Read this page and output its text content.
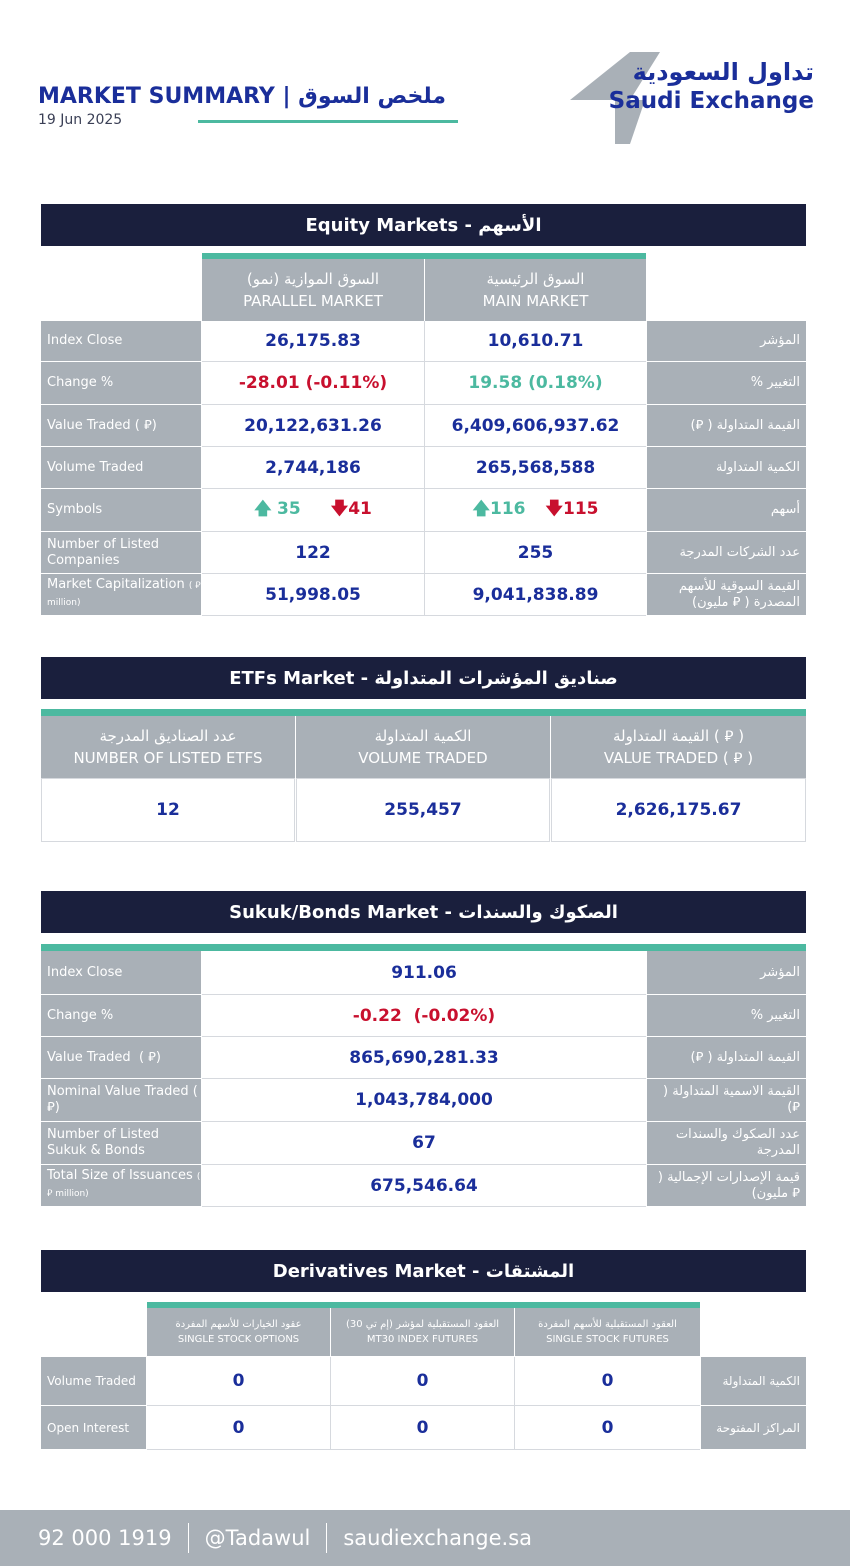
MARKET SUMMARY | ملخص السوق
19 Jun 2025
تداول السعودية
Saudi Exchange
Equity Markets - الأسهم
(نمو) السوق الموازية
PARALLEL MARKET
السوق الرئيسية
MAIN MARKET
Index Close	26,175.83	10,610.71	المؤشر
Change %	-28.01 (-0.11%)	19.58 (0.18%)	التغيير %
Value Traded ( ⃁)	20,122,631.26	6,409,606,937.62	القيمة المتداولة ( ⃁)
Volume Traded	2,744,186	265,568,588	الكمية المتداولة
Symbols	🡅 35 🡇41	🡅116 🡇115	أسهم
Number of Listed Companies	122	255	عدد الشركات المدرجة
Market Capitalization ( ⃁ million)	51,998.05	9,041,838.89	القيمة السوقية للأسهم المصدرة ( ⃁ مليون)
ETFs Market - صناديق المؤشرات المتداولة
عدد الصناديق المدرجة
NUMBER OF LISTED ETFS
الكمية المتداولة
VOLUME TRADED
القيمة المتداولة ( ⃁ )
VALUE TRADED ( ⃁ )
12	255,457	2,626,175.67
Sukuk/Bonds Market - الصكوك والسندات
Index Close	911.06	المؤشر
Change %	-0.22  (-0.02%)	التغيير %
Value Traded  ( ⃁)	865,690,281.33	القيمة المتداولة ( ⃁)
Nominal Value Traded ( ⃁)	1,043,784,000	القيمة الاسمية المتداولة ( ⃁)
Number of Listed Sukuk & Bonds	67	عدد الصكوك والسندات المدرجة
Total Size of Issuances ( ⃁ million)	675,546.64	قيمة الإصدارات الإجمالية ( ⃁ مليون)
Derivatives Market - المشتقات
عقود الخيارات للأسهم المفردة
SINGLE STOCK OPTIONS
العقود المستقبلية لمؤشر (إم تي 30)
MT30 INDEX FUTURES
العقود المستقبلية للأسهم المفردة
SINGLE STOCK FUTURES
Volume Traded	0	0	0	الكمية المتداولة
Open Interest	0	0	0	المراكز المفتوحة
92 000 1919 @Tadawul saudiexchange.sa
